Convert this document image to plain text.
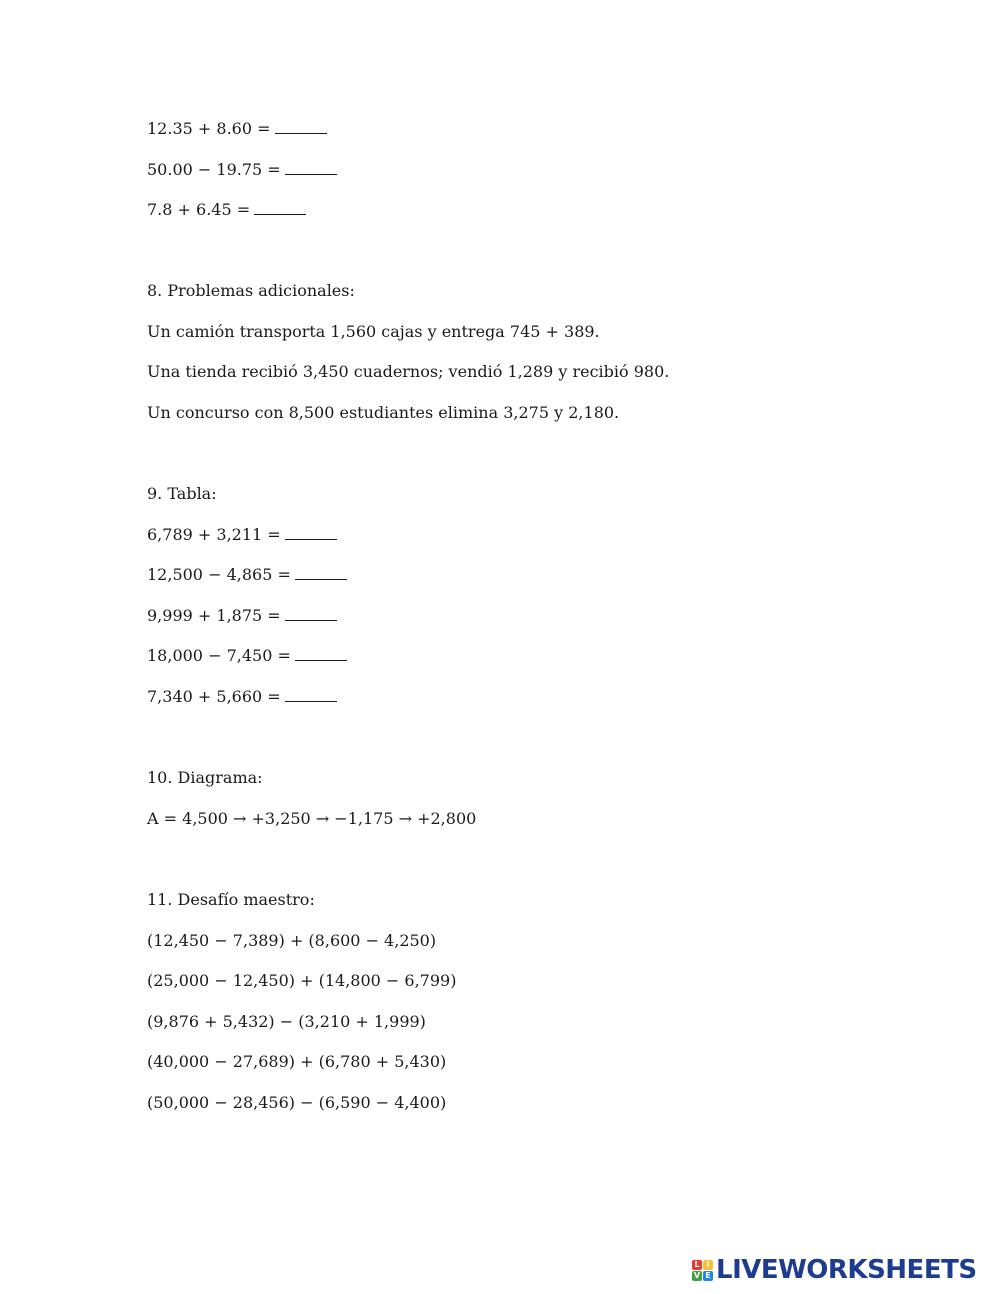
12.35 + 8.60 =
50.00 − 19.75 =
7.8 + 6.45 =
8. Problemas adicionales:
Un camión transporta 1,560 cajas y entrega 745 + 389.
Una tienda recibió 3,450 cuadernos; vendió 1,289 y recibió 980.
Un concurso con 8,500 estudiantes elimina 3,275 y 2,180.
9. Tabla:
6,789 + 3,211 =
12,500 − 4,865 =
9,999 + 1,875 =
18,000 − 7,450 =
7,340 + 5,660 =
10. Diagrama:
A = 4,500 → +3,250 → −1,175 → +2,800
11. Desafío maestro:
(12,450 − 7,389) + (8,600 − 4,250)
(25,000 − 12,450) + (14,800 − 6,799)
(9,876 + 5,432) − (3,210 + 1,999)
(40,000 − 27,689) + (6,780 + 5,430)
(50,000 − 28,456) − (6,590 − 4,400)
L I
V E LIVEWORKSHEETS
